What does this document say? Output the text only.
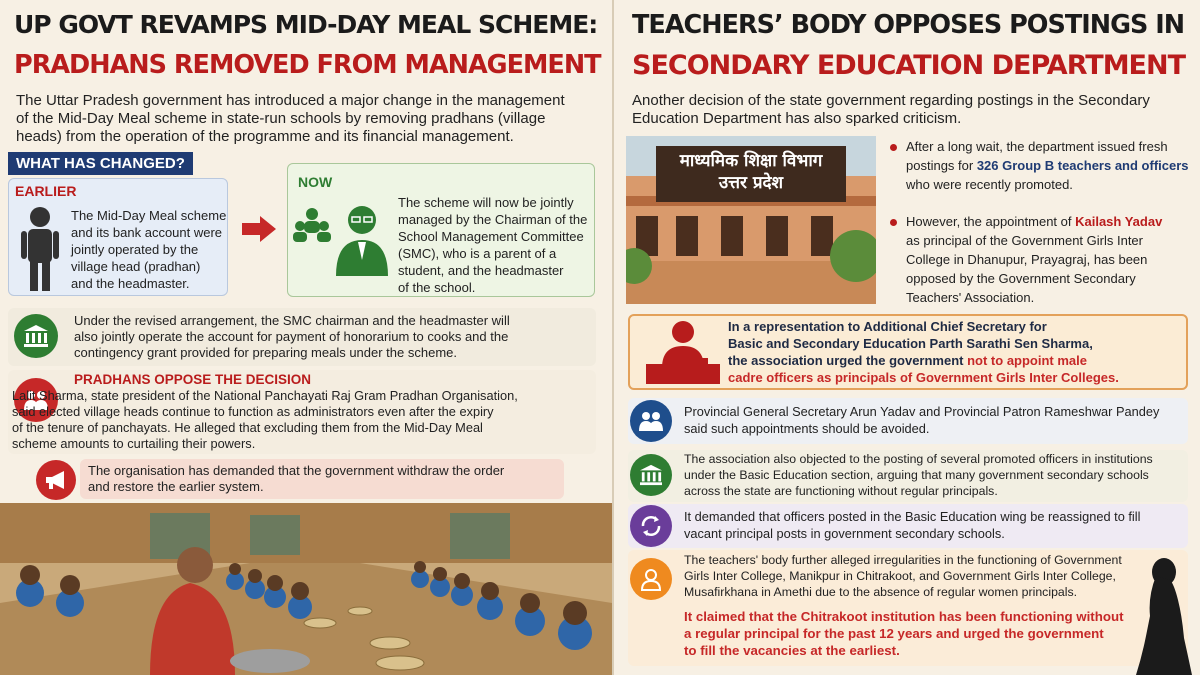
UP GOVT REVAMPS MID-DAY MEAL SCHEME:
PRADHANS REMOVED FROM MANAGEMENT
The Uttar Pradesh government has introduced a major change in the management
of the Mid-Day Meal scheme in state-run schools by removing pradhans (village
heads) from the operation of the programme and its financial management.
WHAT HAS CHANGED?
EARLIER
The Mid-Day Meal scheme
and its bank account were
jointly operated by the
village head (pradhan)
and the headmaster.
NOW
The scheme will now be jointly
managed by the Chairman of the
School Management Committee
(SMC), who is a parent of a
student, and the headmaster
of the school.
Under the revised arrangement, the SMC chairman and the headmaster will
also jointly operate the account for payment of honorarium to cooks and the
contingency grant provided for preparing meals under the scheme.
PRADHANS OPPOSE THE DECISION
Lalit Sharma, state president of the National Panchayati Raj Gram Pradhan Organisation,
said elected village heads continue to function as administrators even after the expiry
of the tenure of panchayats. He alleged that excluding them from the Mid-Day Meal
scheme amounts to curtailing their powers.
The organisation has demanded that the government withdraw the order
and restore the earlier system.
TEACHERS’ BODY OPPOSES POSTINGS IN
SECONDARY EDUCATION DEPARTMENT
Another decision of the state government regarding postings in the Secondary
Education Department has also sparked criticism.
माध्यमिक शिक्षा विभाग
उत्तर प्रदेश
After a long wait, the department issued fresh
postings for 326 Group B teachers and officers
who were recently promoted.
However, the appointment of Kailash Yadav
as principal of the Government Girls Inter
College in Dhanupur, Prayagraj, has been
opposed by the Government Secondary
Teachers' Association.
In a representation to Additional Chief Secretary for
Basic and Secondary Education Parth Sarathi Sen Sharma,
the association urged the government not to appoint male
cadre officers as principals of Government Girls Inter Colleges.
Provincial General Secretary Arun Yadav and Provincial Patron Rameshwar Pandey
said such appointments should be avoided.
The association also objected to the posting of several promoted officers in institutions
under the Basic Education section, arguing that many government secondary schools
across the state are functioning without regular principals.
It demanded that officers posted in the Basic Education wing be reassigned to fill
vacant principal posts in government secondary schools.
The teachers' body further alleged irregularities in the functioning of Government
Girls Inter College, Manikpur in Chitrakoot, and Government Girls Inter College,
Musafirkhana in Amethi due to the absence of regular women principals.
It claimed that the Chitrakoot institution has been functioning without
a regular principal for the past 12 years and urged the government
to fill the vacancies at the earliest.
